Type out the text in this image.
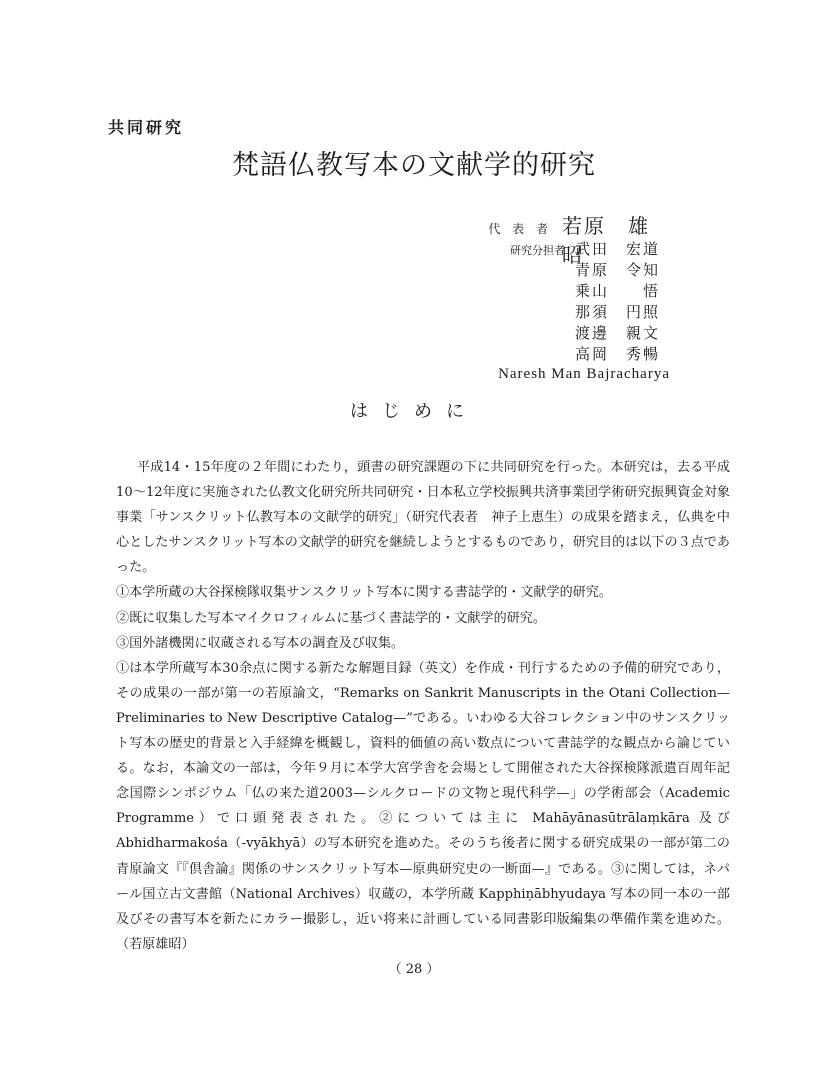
共同研究
梵語仏教写本の文献学的研究
代 表 者 若原　雄昭
研究分担者 武田　宏道
青原　令知
乗山　　悟
那須　円照
渡邊　親文
高岡　秀暢
Naresh Man Bajracharya
はじめに

平成14・15年度の２年間にわたり，頭書の研究課題の下に共同研究を行った。本研究は，去る平成10～12年度に実施された仏教文化研究所共同研究・日本私立学校振興共済事業団学術研究振興資金対象事業「サンスクリット仏教写本の文献学的研究」（研究代表者　神子上恵生）の成果を踏まえ，仏典を中心としたサンスクリット写本の文献学的研究を継続しようとするものであり，研究目的は以下の３点であった。

①本学所蔵の大谷探検隊収集サンスクリット写本に関する書誌学的・文献学的研究。

②既に収集した写本マイクロフィルムに基づく書誌学的・文献学的研究。

③国外諸機関に収蔵される写本の調査及び収集。

①は本学所蔵写本30余点に関する新たな解題目録（英文）を作成・刊行するための予備的研究であり，その成果の一部が第一の若原論文，“Remarks on Sankrit Manuscripts in the Otani Collection—Preliminaries to New Descriptive Catalog—”である。いわゆる大谷コレクション中のサンスクリット写本の歴史的背景と入手経緯を概観し，資料的価値の高い数点について書誌学的な観点から論じている。なお，本論文の一部は，今年９月に本学大宮学舎を会場として開催された大谷探検隊派遣百周年記念国際シンポジウム「仏の来た道2003—シルクロードの文物と現代科学—」の学術部会（Academic Programme）で口頭発表された。②については主に Mahāyānasūtrālaṃkāra 及び Abhidharmakośa（-vyākhyā）の写本研究を進めた。そのうち後者に関する研究成果の一部が第二の青原論文『『倶舎論』関係のサンスクリット写本—原典研究史の一断面—』である。③に関しては，ネパール国立古文書館（National Archives）収蔵の，本学所蔵 Kapphiṇābhyudaya 写本の同一本の一部及びその書写本を新たにカラー撮影し，近い将来に計画している同書影印版編集の準備作業を進めた。（若原雄昭）

（ 28 ）
